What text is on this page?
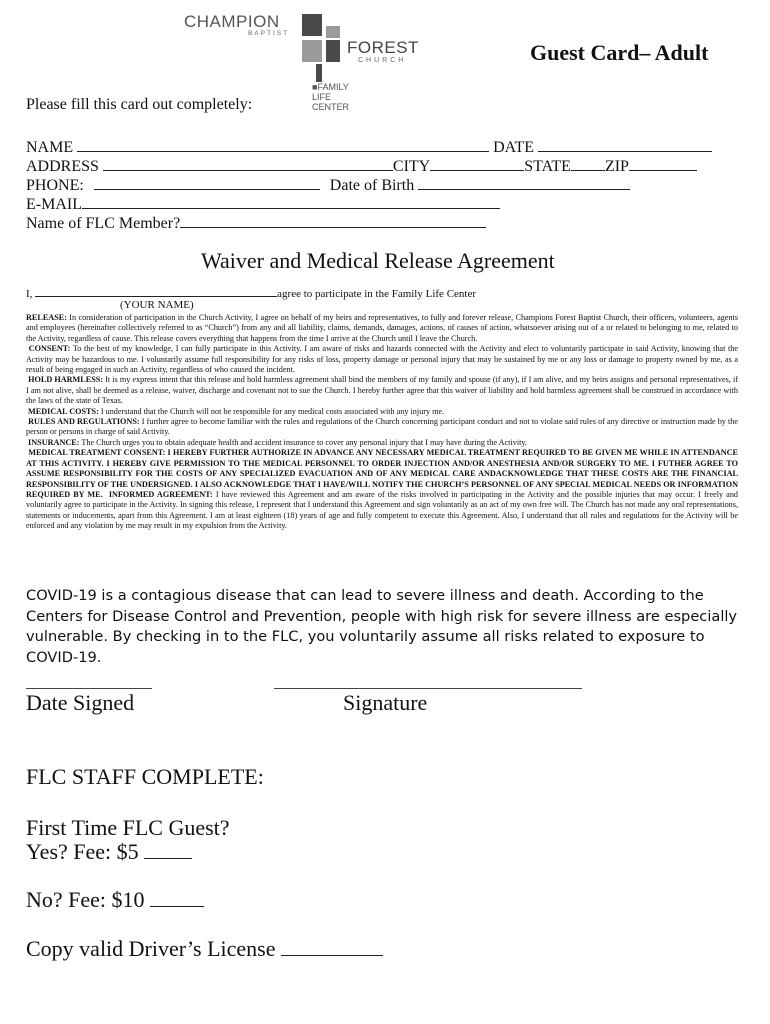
CHAMPION
BAPTIST
FOREST
CHURCH
■FAMILY LIFE CENTER
Guest Card– Adult
Please fill this card out completely:
NAME	DATE
ADDRESS	CITY	STATE ZIP
PHONE:	Date of Birth
E-MAIL
Name of FLC Member?
Waiver and Medical Release Agreement
I,	agree to participate in the Family Life Center
(YOUR NAME)

RELEASE: In consideration of participation in the Church Activity, I agree on behalf of my heirs and representatives, to fully and forever release, Champions Forest Baptist Church, their officers, volunteers, agents and employees (hereinafter collectively referred to as “Church”) from any and all liability, claims, demands, damages, actions, of causes of action, whatsoever arising out of a or related to belonging to me, related to the Activity, regardless of cause. This release covers everything that happens from the time I arrive at the Church until I leave the Church.

CONSENT: To the best of my knowledge, I can fully participate in this Activity. I am aware of risks and hazards connected with the Activity and elect to voluntarily participate in said Activity, knowing that the Activity may be hazardous to me. I voluntarily assume full responsibility for any risks of loss, property damage or personal injury that may be sustained by me or any loss or damage to property owned by me, as a result of being engaged in such an Activity, regardless of who caused the incident.

HOLD HARMLESS: It is my express intent that this release and hold harmless agreement shall bind the members of my family and spouse (if any), if I am alive, and my heirs assigns and personal representatives, if I am not alive, shall be deemed as a release, waiver, discharge and covenant not to sue the Church. I hereby further agree that this waiver of liability and hold harmless agreement shall be construed in accordance with the laws of the state of Texas.

MEDICAL COSTS: I understand that the Church will not be responsible for any medical costs associated with any injury me.

RULES AND REGULATIONS: I further agree to become familiar with the rules and regulations of the Church concerning participant conduct and not to violate said rules of any directive or instruction made by the person or persons in charge of said Activity.

INSURANCE: The Church urges you to obtain adequate health and accident insurance to cover any personal injury that I may have during the Activity.

MEDICAL TREATMENT CONSENT: I HEREBY FURTHER AUTHORIZE IN ADVANCE ANY NECESSARY MEDICAL TREATMENT REQUIRED TO BE GIVEN ME WHILE IN ATTENDANCE AT THIS ACTIVITY. I HEREBY GIVE PERMISSION TO THE MEDICAL PERSONNEL TO ORDER INJECTION AND/OR ANESTHESIA AND/OR SURGERY TO ME. I FUTHER AGREE TO ASSUME RESPONSIBILITY FOR THE COSTS OF ANY SPECIALIZED EVACUATION AND OF ANY MEDICAL CARE ANDACKNOWLEDGE THAT THESE COSTS ARE THE FINANCIAL RESPONSIBILITY OF THE UNDERSIGNED. I ALSO ACKNOWLEDGE THAT I HAVE/WILL NOTIFY THE CHURCH’S PERSONNEL OF ANY SPECIAL MEDICAL NEEDS OR INFORMATION REQUIRED BY ME. INFORMED AGREEMENT: I have reviewed this Agreement and am aware of the risks involved in participating in the Activity and the possible injuries that may occur. I freely and voluntarily agree to participate in the Activity. In signing this release, I represent that I understand this Agreement and sign voluntarily as an act of my own free will. The Church has not made any oral representations, statements or inducements, apart from this Agreement. I am at least eighteen (18) years of age and fully competent to execute this Agreement. Also, I understand that all rules and regulations for the Activity will be enforced and any violation by me may result in my expulsion from the Activity.

COVID-19 is a contagious disease that can lead to severe illness and death. According to the Centers for Disease Control and Prevention, people with high risk for severe illness are especially vulnerable. By checking in to the FLC, you voluntarily assume all risks related to exposure to COVID-19.
Date Signed	Signature
FLC STAFF COMPLETE:
First Time FLC Guest?
Yes? Fee: $5
No? Fee: $10
Copy valid Driver’s License
